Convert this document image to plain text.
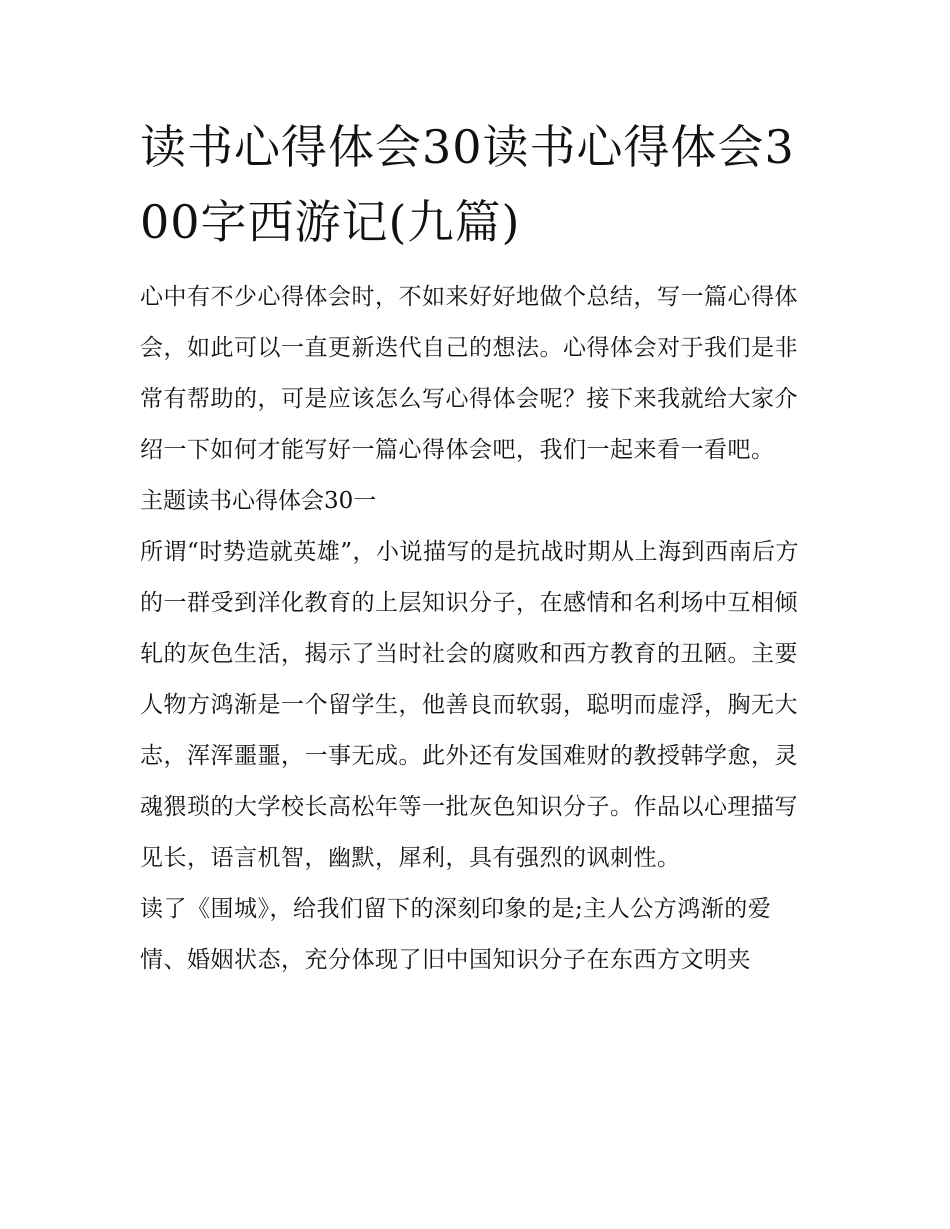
读书心得体会30读书心得体会300字西游记(九篇)

心中有不少心得体会时，不如来好好地做个总结，写一篇心得体会，如此可以一直更新迭代自己的想法。心得体会对于我们是非常有帮助的，可是应该怎么写心得体会呢？接下来我就给大家介绍一下如何才能写好一篇心得体会吧，我们一起来看一看吧。

主题读书心得体会30一

所谓“时势造就英雄”，小说描写的是抗战时期从上海到西南后方的一群受到洋化教育的上层知识分子，在感情和名利场中互相倾轧的灰色生活，揭示了当时社会的腐败和西方教育的丑陋。主要人物方鸿渐是一个留学生，他善良而软弱，聪明而虚浮，胸无大志，浑浑噩噩，一事无成。此外还有发国难财的教授韩学愈，灵魂猥琐的大学校长高松年等一批灰色知识分子。作品以心理描写见长，语言机智，幽默，犀利，具有强烈的讽刺性。

读了《围城》，给我们留下的深刻印象的是;主人公方鸿渐的爱情、婚姻状态，充分体现了旧中国知识分子在东西方文明夹
